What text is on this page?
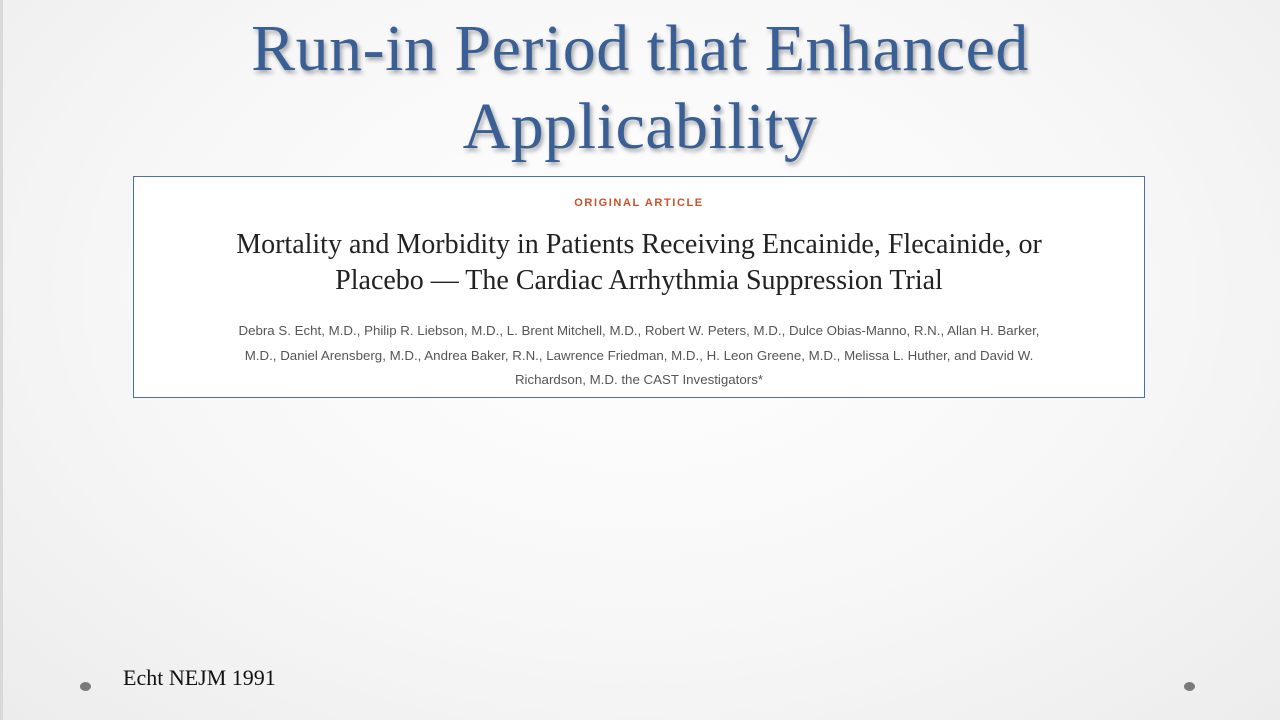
Run-in Period that Enhanced
Applicability
ORIGINAL ARTICLE
Mortality and Morbidity in Patients Receiving Encainide, Flecainide, or
Placebo — The Cardiac Arrhythmia Suppression Trial
Debra S. Echt, M.D., Philip R. Liebson, M.D., L. Brent Mitchell, M.D., Robert W. Peters, M.D., Dulce Obias-Manno, R.N., Allan H. Barker,
M.D., Daniel Arensberg, M.D., Andrea Baker, R.N., Lawrence Friedman, M.D., H. Leon Greene, M.D., Melissa L. Huther, and David W.
Richardson, M.D. the CAST Investigators*
Echt NEJM 1991
